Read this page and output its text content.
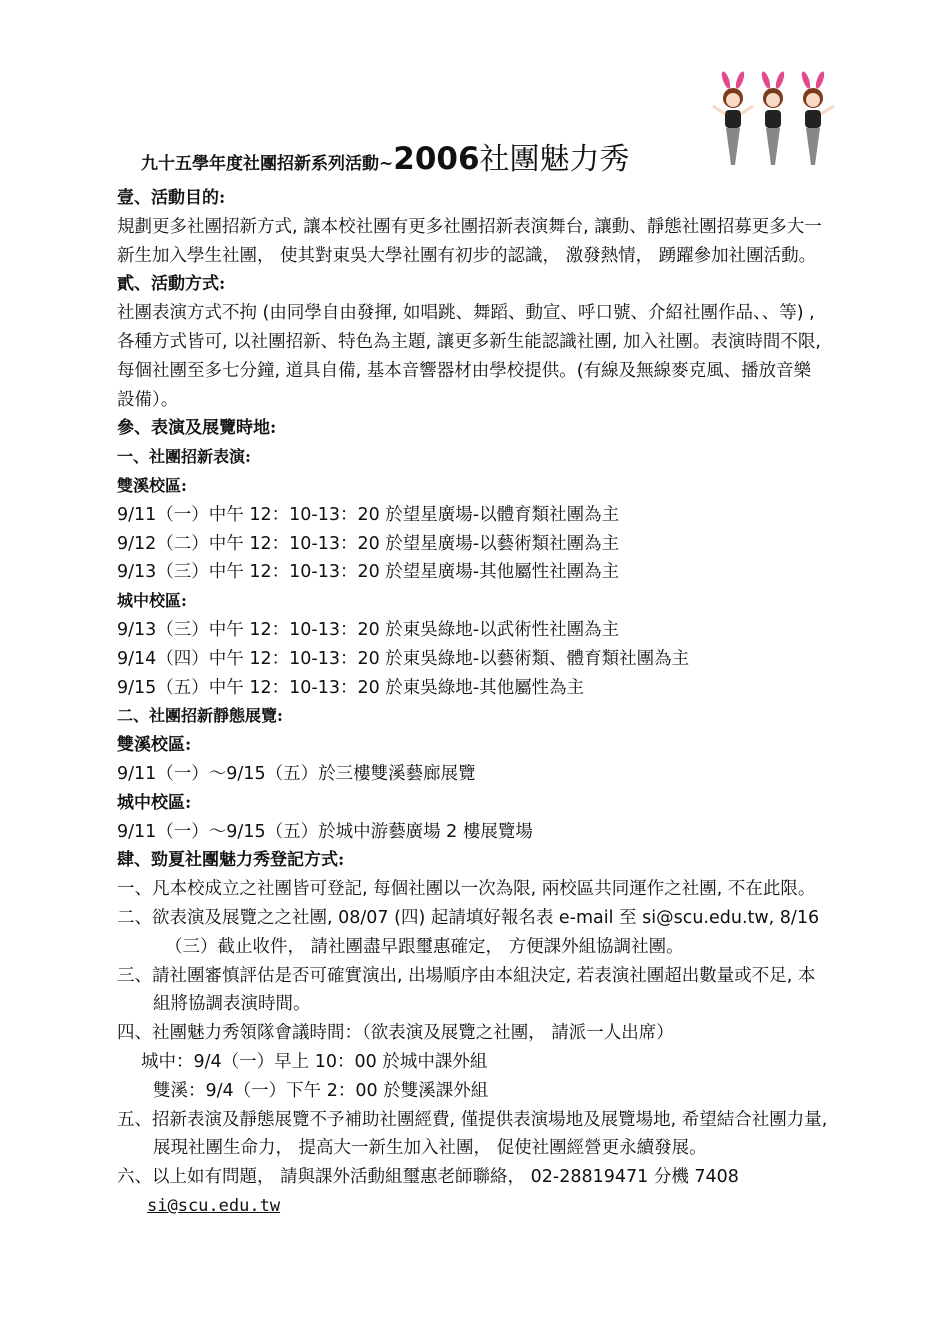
九十五學年度社團招新系列活動~2006社團魅力秀
壹、活動目的:
規劃更多社團招新方式, 讓本校社團有更多社團招新表演舞台, 讓動、靜態社團招募更多大一
新生加入學生社團， 使其對東吳大學社團有初步的認識， 激發熱情， 踴躍參加社團活動。
貳、活動方式:
社團表演方式不拘 (由同學自由發揮, 如唱跳、舞蹈、動宣、呼口號、介紹社團作品、、等) ,
各種方式皆可, 以社團招新、特色為主題, 讓更多新生能認識社團, 加入社團。表演時間不限,
每個社團至多七分鐘, 道具自備, 基本音響器材由學校提供。(有線及無線麥克風、播放音樂
設備）。
參、表演及展覽時地:
一、社團招新表演:
雙溪校區:
9/11（一）中午 12：10-13：20 於望星廣場-以體育類社團為主
9/12（二）中午 12：10-13：20 於望星廣場-以藝術類社團為主
9/13（三）中午 12：10-13：20 於望星廣場-其他屬性社團為主
城中校區:
9/13（三）中午 12：10-13：20 於東吳綠地-以武術性社團為主
9/14（四）中午 12：10-13：20 於東吳綠地-以藝術類、體育類社團為主
9/15（五）中午 12：10-13：20 於東吳綠地-其他屬性為主
二、社團招新靜態展覽:
雙溪校區:
9/11（一）～9/15（五）於三樓雙溪藝廊展覽
城中校區:
9/11（一）～9/15（五）於城中游藝廣場 2 樓展覽場
肆、勁夏社團魅力秀登記方式:
一、凡本校成立之社團皆可登記, 每個社團以一次為限, 兩校區共同運作之社團, 不在此限。
二、欲表演及展覽之之社團, 08/07 (四) 起請填好報名表 e-mail 至 si@scu.edu.tw, 8/16
（三）截止收件， 請社團盡早跟璽惠確定， 方便課外組協調社團。
三、請社團審慎評估是否可確實演出, 出場順序由本組決定, 若表演社團超出數量或不足, 本
組將協調表演時間。
四、社團魅力秀領隊會議時間：（欲表演及展覽之社團， 請派一人出席）
城中：9/4（一）早上 10：00 於城中課外組
雙溪：9/4（一）下午 2：00 於雙溪課外組
五、招新表演及靜態展覽不予補助社團經費, 僅提供表演場地及展覽場地, 希望結合社團力量,
展現社團生命力， 提高大一新生加入社團， 促使社團經營更永續發展。
六、以上如有問題， 請與課外活動組璽惠老師聯絡， 02-28819471 分機 7408
si@scu.edu.tw
